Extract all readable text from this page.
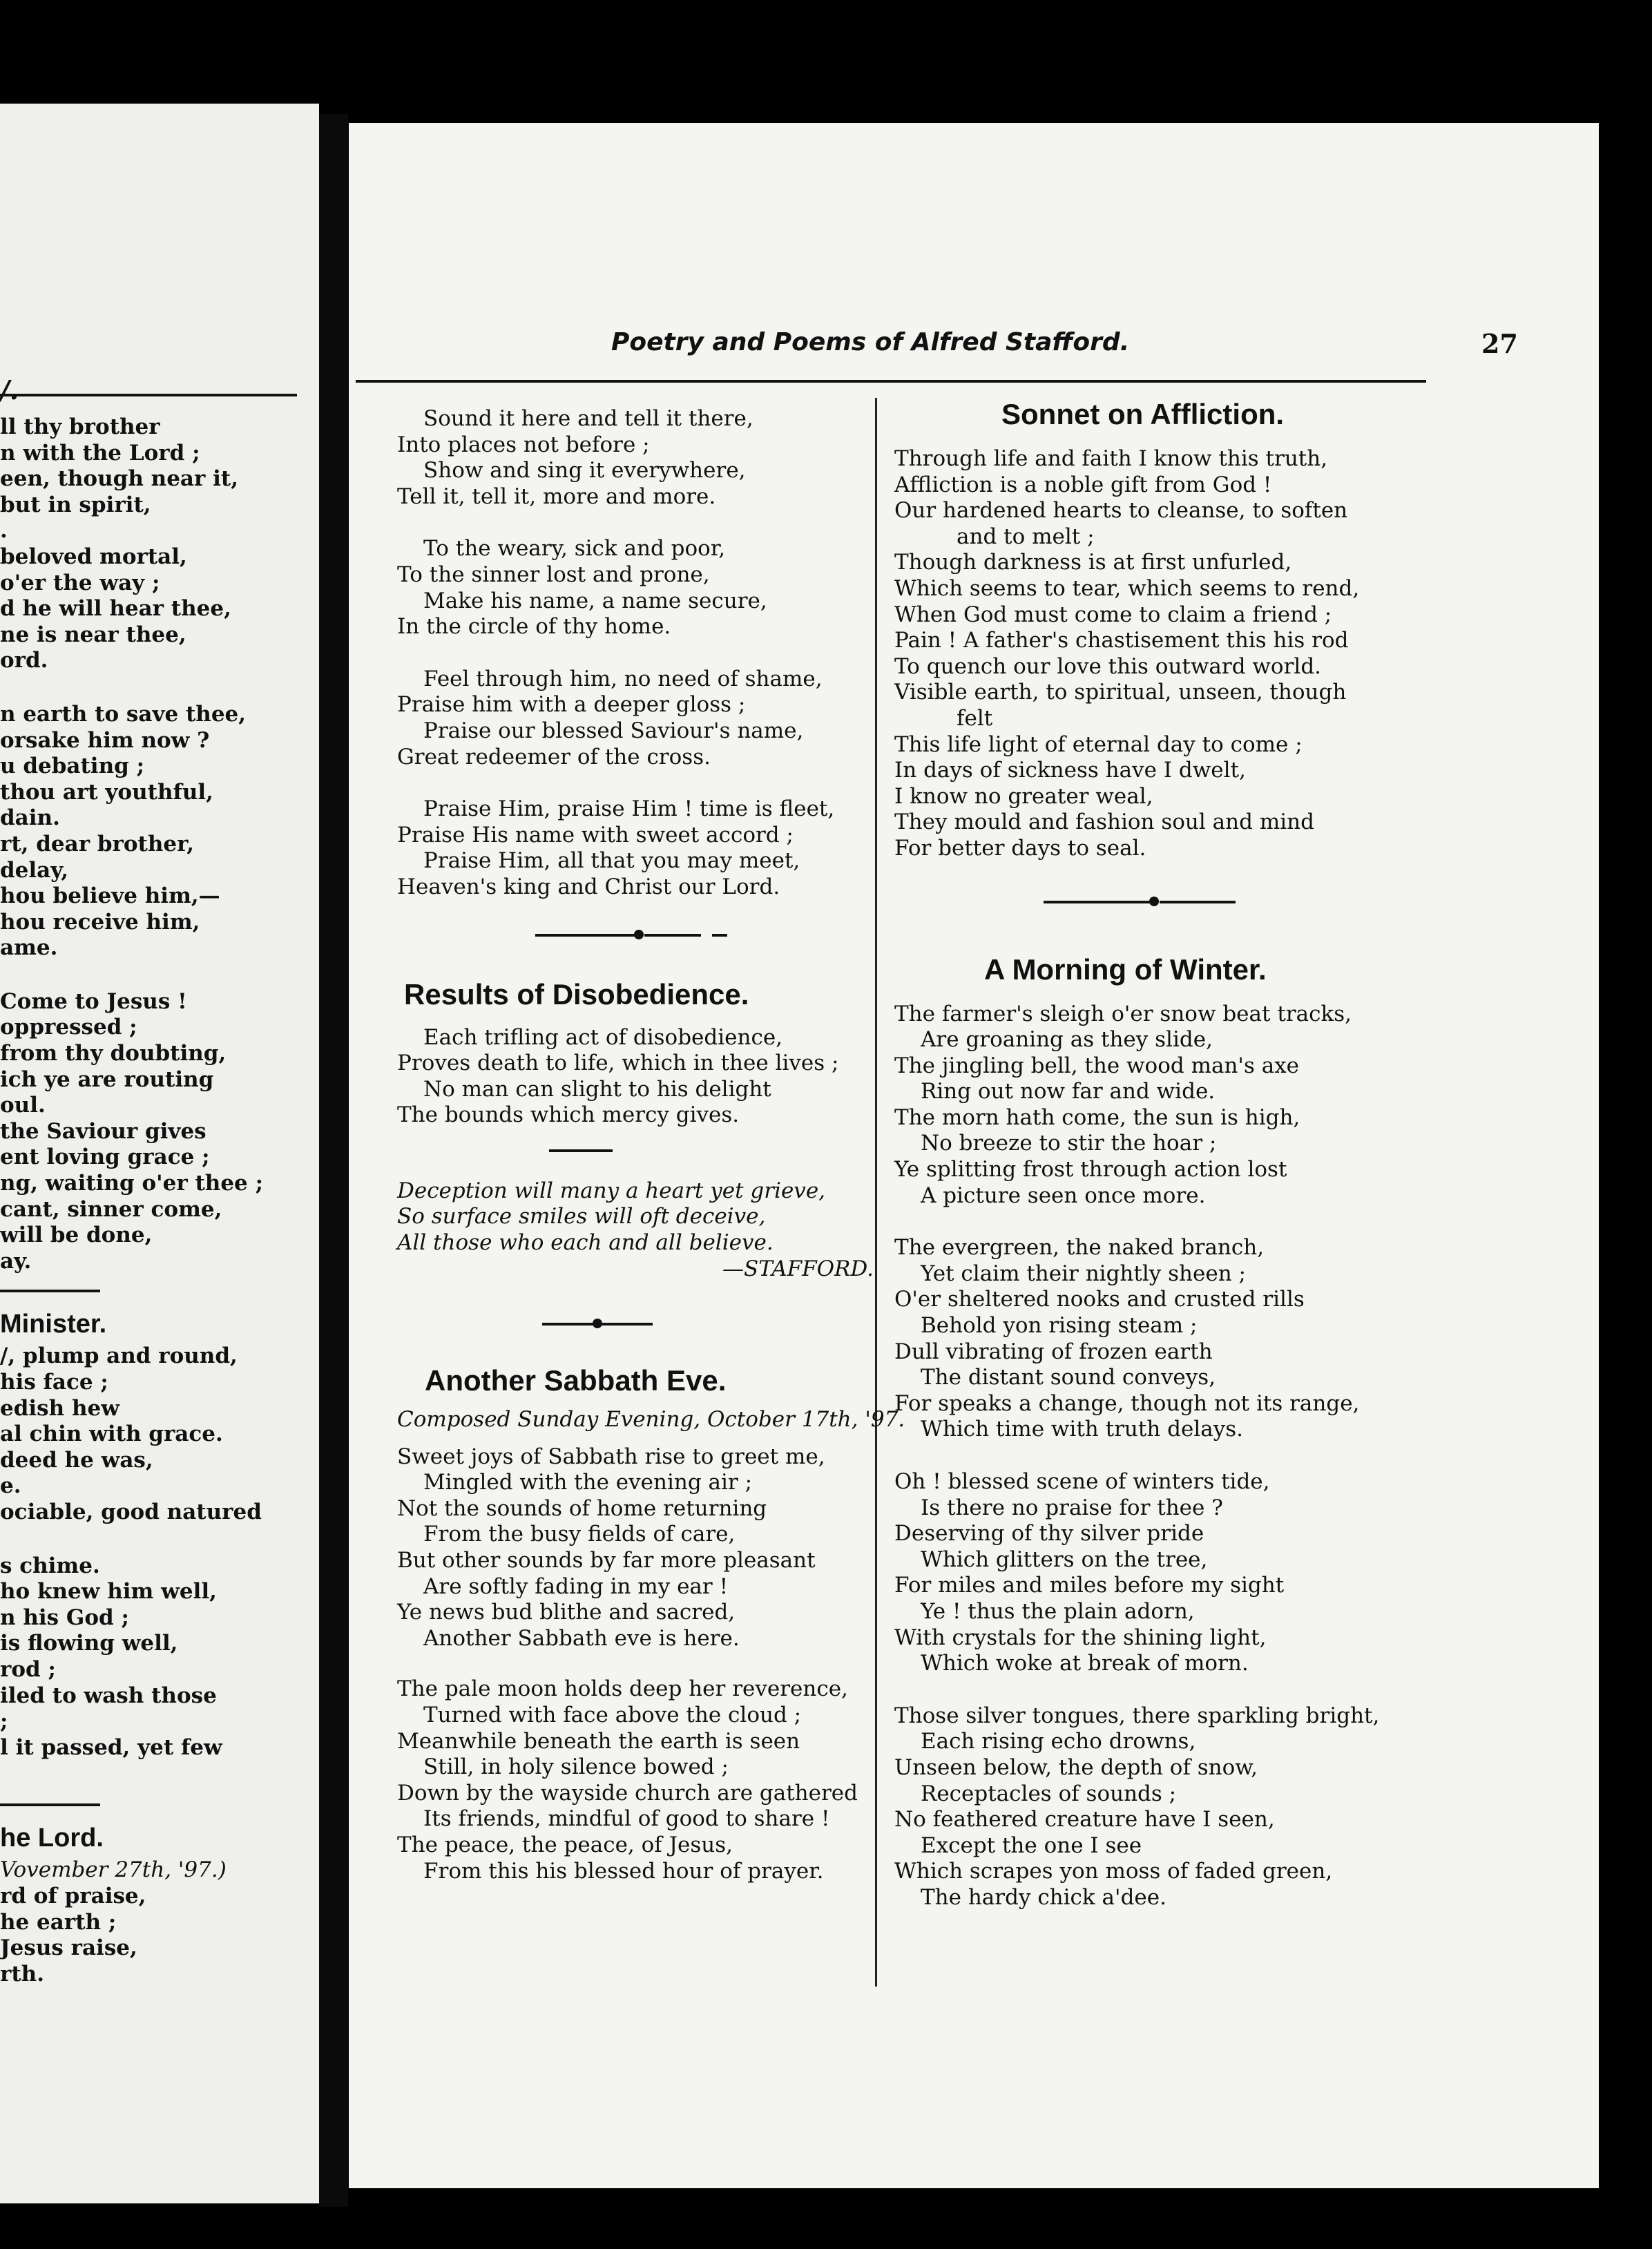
/.
ll thy brother
n with the Lord ;
een, though near it,
but in spirit,
.
beloved mortal,
o'er the way ;
d he will hear thee,
ne is near thee,
ord.
n earth to save thee,
orsake him now ?
u debating ;
thou art youthful,
dain.
rt, dear brother,
delay,
hou believe him,—
hou receive him,
ame.
Come to Jesus !
oppressed ;
from thy doubting,
ich ye are routing
oul.
the Saviour gives
ent loving grace ;
ng, waiting o'er thee ;
cant, sinner come,
will be done,
ay.
Minister.
/, plump and round,
his face ;
edish hew
al chin with grace.
deed he was,
e.
ociable, good natured
s chime.
ho knew him well,
n his God ;
is flowing well,
rod ;
iled to wash those
;
l it passed, yet few
he Lord.
Vovember 27th, '97.)
rd of praise,
he earth ;
Jesus raise,
rth.
Poetry and Poems of Alfred Stafford.	27
Sound it here and tell it there,
Into places not before ;
Show and sing it everywhere,
Tell it, tell it, more and more.
To the weary, sick and poor,
To the sinner lost and prone,
Make his name, a name secure,
In the circle of thy home.
Feel through him, no need of shame,
Praise him with a deeper gloss ;
Praise our blessed Saviour's name,
Great redeemer of the cross.
Praise Him, praise Him ! time is fleet,
Praise His name with sweet accord ;
Praise Him, all that you may meet,
Heaven's king and Christ our Lord.
Results of Disobedience.
Each trifling act of disobedience,
Proves death to life, which in thee lives ;
No man can slight to his delight
The bounds which mercy gives.
Deception will many a heart yet grieve,
So surface smiles will oft deceive,
All those who each and all believe.
—STAFFORD.
Another Sabbath Eve.
Composed Sunday Evening, October 17th, '97.
Sweet joys of Sabbath rise to greet me,
Mingled with the evening air ;
Not the sounds of home returning
From the busy fields of care,
But other sounds by far more pleasant
Are softly fading in my ear !
Ye news bud blithe and sacred,
Another Sabbath eve is here.
The pale moon holds deep her reverence,
Turned with face above the cloud ;
Meanwhile beneath the earth is seen
Still, in holy silence bowed ;
Down by the wayside church are gathered
Its friends, mindful of good to share !
The peace, the peace, of Jesus,
From this his blessed hour of prayer.
Sonnet on Affliction.
Through life and faith I know this truth,
Affliction is a noble gift from God !
Our hardened hearts to cleanse, to soften
and to melt ;
Though darkness is at first unfurled,
Which seems to tear, which seems to rend,
When God must come to claim a friend ;
Pain ! A father's chastisement this his rod
To quench our love this outward world.
Visible earth, to spiritual, unseen, though
felt
This life light of eternal day to come ;
In days of sickness have I dwelt,
I know no greater weal,
They mould and fashion soul and mind
For better days to seal.
A Morning of Winter.
The farmer's sleigh o'er snow beat tracks,
Are groaning as they slide,
The jingling bell, the wood man's axe
Ring out now far and wide.
The morn hath come, the sun is high,
No breeze to stir the hoar ;
Ye splitting frost through action lost
A picture seen once more.
The evergreen, the naked branch,
Yet claim their nightly sheen ;
O'er sheltered nooks and crusted rills
Behold yon rising steam ;
Dull vibrating of frozen earth
The distant sound conveys,
For speaks a change, though not its range,
Which time with truth delays.
Oh ! blessed scene of winters tide,
Is there no praise for thee ?
Deserving of thy silver pride
Which glitters on the tree,
For miles and miles before my sight
Ye ! thus the plain adorn,
With crystals for the shining light,
Which woke at break of morn.
Those silver tongues, there sparkling bright,
Each rising echo drowns,
Unseen below, the depth of snow,
Receptacles of sounds ;
No feathered creature have I seen,
Except the one I see
Which scrapes yon moss of faded green,
The hardy chick a'dee.
